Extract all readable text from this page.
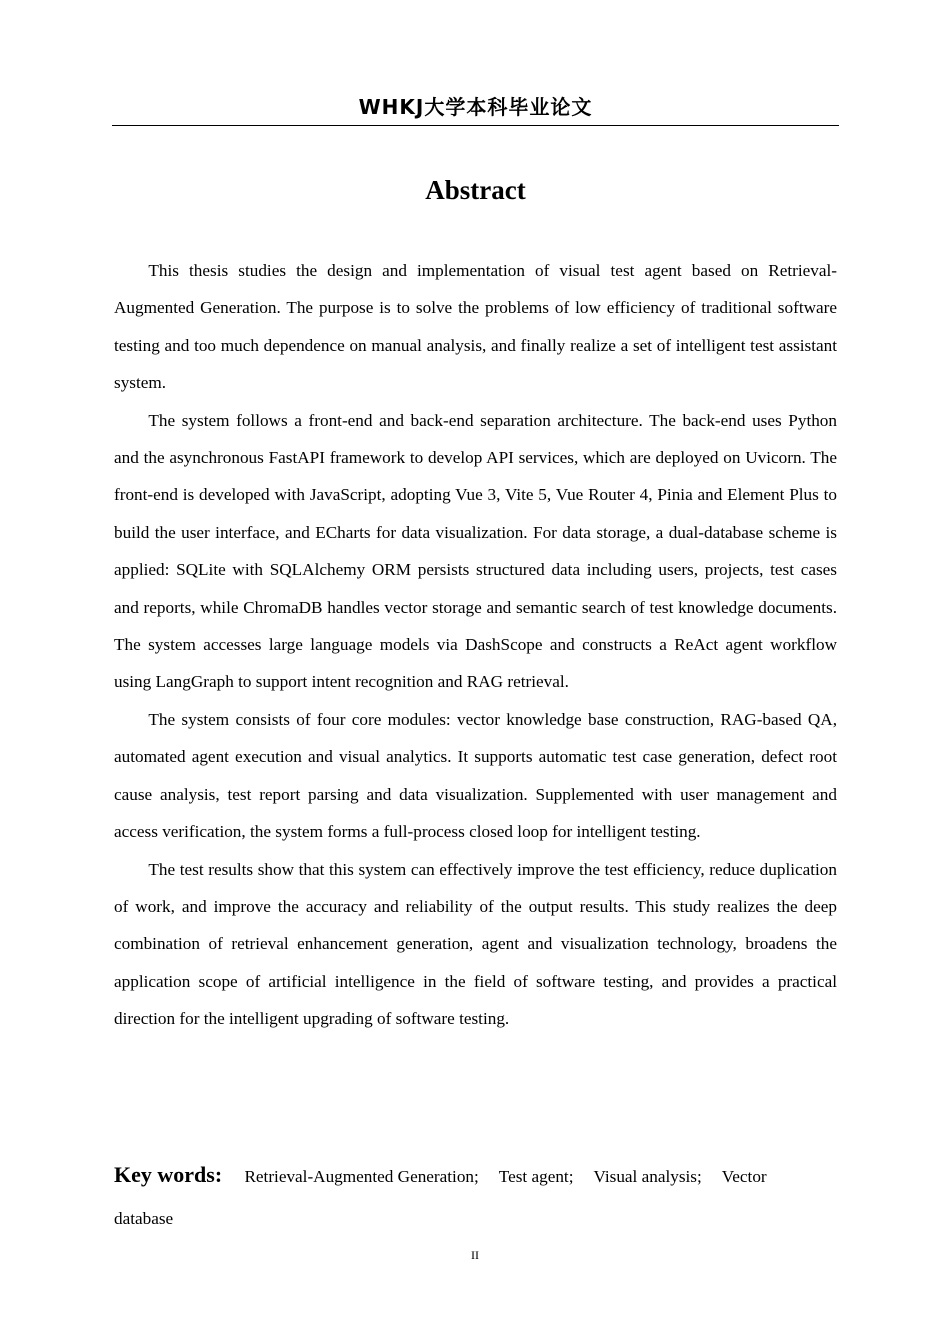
WHKJ大学本科毕业论文
Abstract

This thesis studies the design and implementation of visual test agent based on Retrieval-Augmented Generation. The purpose is to solve the problems of low efficiency of traditional software testing and too much dependence on manual analysis, and finally realize a set of intelligent test assistant system.

The system follows a front-end and back-end separation architecture. The back-end uses Python and the asynchronous FastAPI framework to develop API services, which are deployed on Uvicorn. The front-end is developed with JavaScript, adopting Vue 3, Vite 5, Vue Router 4, Pinia and Element Plus to build the user interface, and ECharts for data visualization. For data storage, a dual-database scheme is applied: SQLite with SQLAlchemy ORM persists structured data including users, projects, test cases and reports, while ChromaDB handles vector storage and semantic search of test knowledge documents. The system accesses large language models via DashScope and constructs a ReAct agent workflow using LangGraph to support intent recognition and RAG retrieval.

The system consists of four core modules: vector knowledge base construction, RAG-based QA, automated agent execution and visual analytics. It supports automatic test case generation, defect root cause analysis, test report parsing and data visualization. Supplemented with user management and access verification, the system forms a full-process closed loop for intelligent testing.

The test results show that this system can effectively improve the test efficiency, reduce duplication of work, and improve the accuracy and reliability of the output results. This study realizes the deep combination of retrieval enhancement generation, agent and visualization technology, broadens the application scope of artificial intelligence in the field of software testing, and provides a practical direction for the intelligent upgrading of software testing.

Key words: Retrieval-Augmented Generation; Test agent; Visual analysis; Vector database
II
